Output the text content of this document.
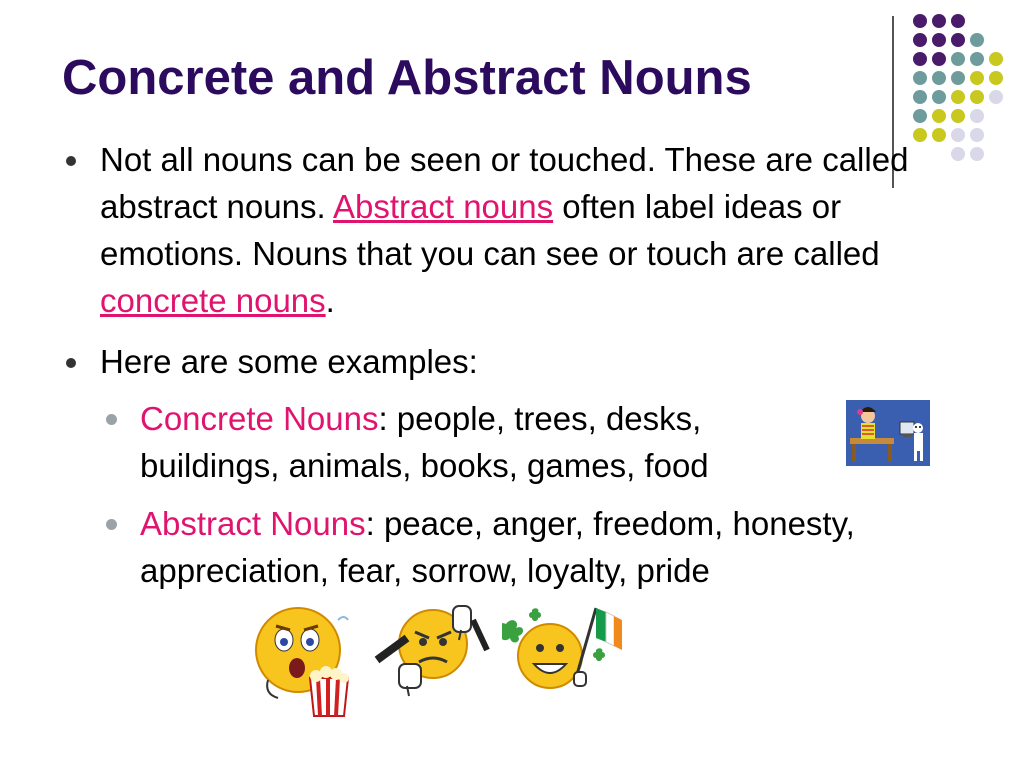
Concrete and Abstract Nouns
Not all nouns can be seen or touched. These are called abstract nouns. Abstract nouns often label ideas or emotions. Nouns that you can see or touch are called concrete nouns.
Here are some examples:
Concrete Nouns: people, trees, desks, buildings, animals, books, games, food
Abstract Nouns: peace, anger, freedom, honesty, appreciation, fear, sorrow, loyalty, pride
